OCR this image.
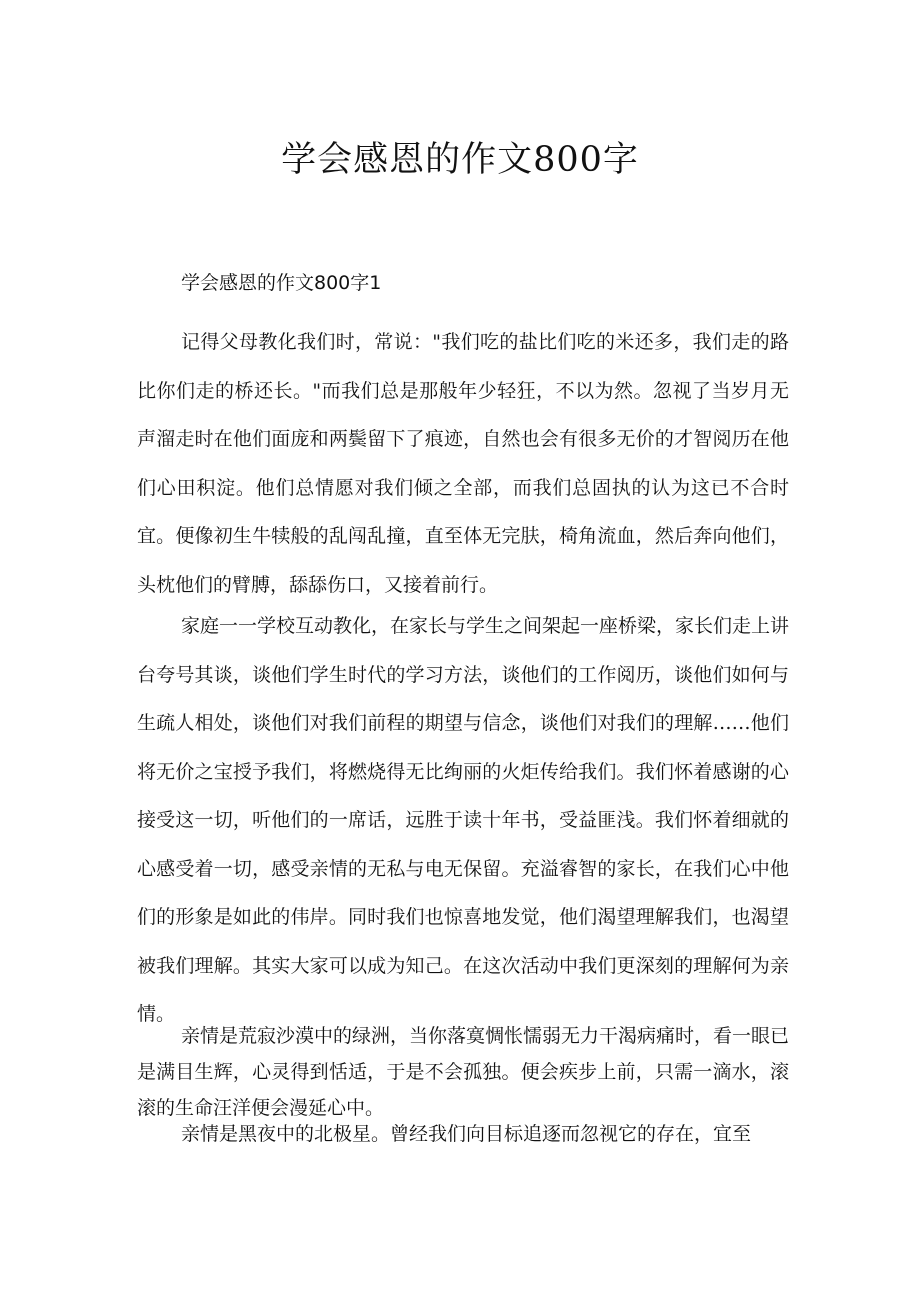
学会感恩的作文800字
学会感恩的作文800字1

记得父母教化我们时，常说："我们吃的盐比们吃的米还多，我们走的路比你们走的桥还长。"而我们总是那般年少轻狂，不以为然。忽视了当岁月无声溜走时在他们面庞和两鬓留下了痕迹，自然也会有很多无价的才智阅历在他们心田积淀。他们总情愿对我们倾之全部，而我们总固执的认为这已不合时宜。便像初生牛犊般的乱闯乱撞，直至体无完肤，椅角流血，然后奔向他们，头枕他们的臂膊，舔舔伤口，又接着前行。

家庭一一学校互动教化，在家长与学生之间架起一座桥梁，家长们走上讲台夸号其谈，谈他们学生时代的学习方法，谈他们的工作阅历，谈他们如何与生疏人相处，谈他们对我们前程的期望与信念，谈他们对我们的理解……他们将无价之宝授予我们，将燃烧得无比绚丽的火炬传给我们。我们怀着感谢的心接受这一切，听他们的一席话，远胜于读十年书，受益匪浅。我们怀着细就的心感受着一切，感受亲情的无私与电无保留。充溢睿智的家长，在我们心中他们的形象是如此的伟岸。同时我们也惊喜地发觉，他们渴望理解我们，也渴望被我们理解。其实大家可以成为知己。在这次活动中我们更深刻的理解何为亲情。

亲情是荒寂沙漠中的绿洲，当你落寞惆怅懦弱无力干渴病痛时，看一眼已是满目生辉，心灵得到恬适，于是不会孤独。便会疾步上前，只需一滴水，滚滚的生命汪洋便会漫延心中。

亲情是黑夜中的北极星。曾经我们向目标追逐而忽视它的存在，宜至
